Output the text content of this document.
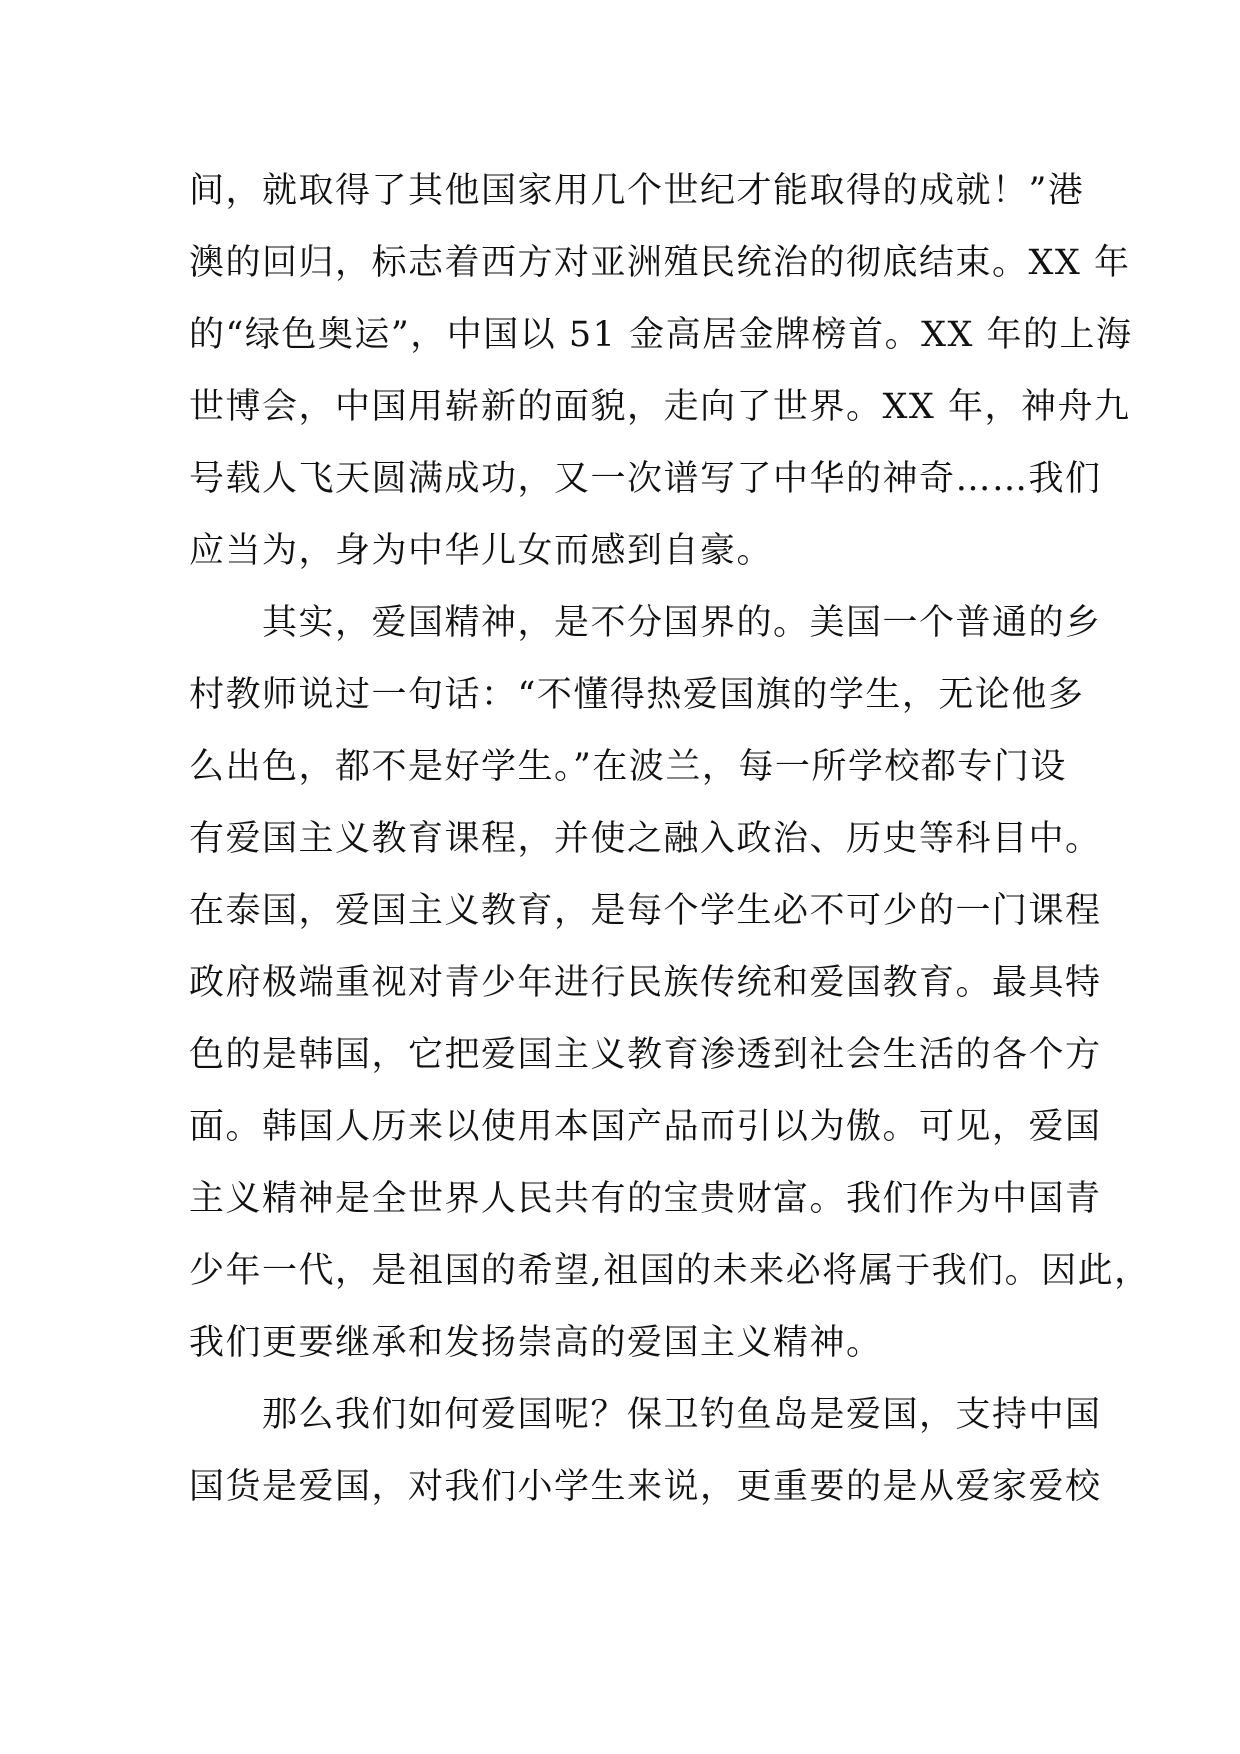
间，就取得了其他国家用几个世纪才能取得的成就！”港
澳的回归，标志着西方对亚洲殖民统治的彻底结束。XX 年
的“绿色奥运”，中国以 51 金高居金牌榜首。XX 年的上海
世博会，中国用崭新的面貌，走向了世界。XX 年，神舟九
号载人飞天圆满成功，又一次谱写了中华的神奇……我们
应当为，身为中华儿女而感到自豪。
　　其实，爱国精神，是不分国界的。美国一个普通的乡
村教师说过一句话：“不懂得热爱国旗的学生，无论他多
么出色，都不是好学生。”在波兰，每一所学校都专门设
有爱国主义教育课程，并使之融入政治、历史等科目中。
在泰国，爱国主义教育，是每个学生必不可少的一门课程
政府极端重视对青少年进行民族传统和爱国教育。最具特
色的是韩国，它把爱国主义教育渗透到社会生活的各个方
面。韩国人历来以使用本国产品而引以为傲。可见，爱国
主义精神是全世界人民共有的宝贵财富。我们作为中国青
少年一代，是祖国的希望,祖国的未来必将属于我们。因此，
我们更要继承和发扬崇高的爱国主义精神。
　　那么我们如何爱国呢？保卫钓鱼岛是爱国，支持中国
国货是爱国，对我们小学生来说，更重要的是从爱家爱校
